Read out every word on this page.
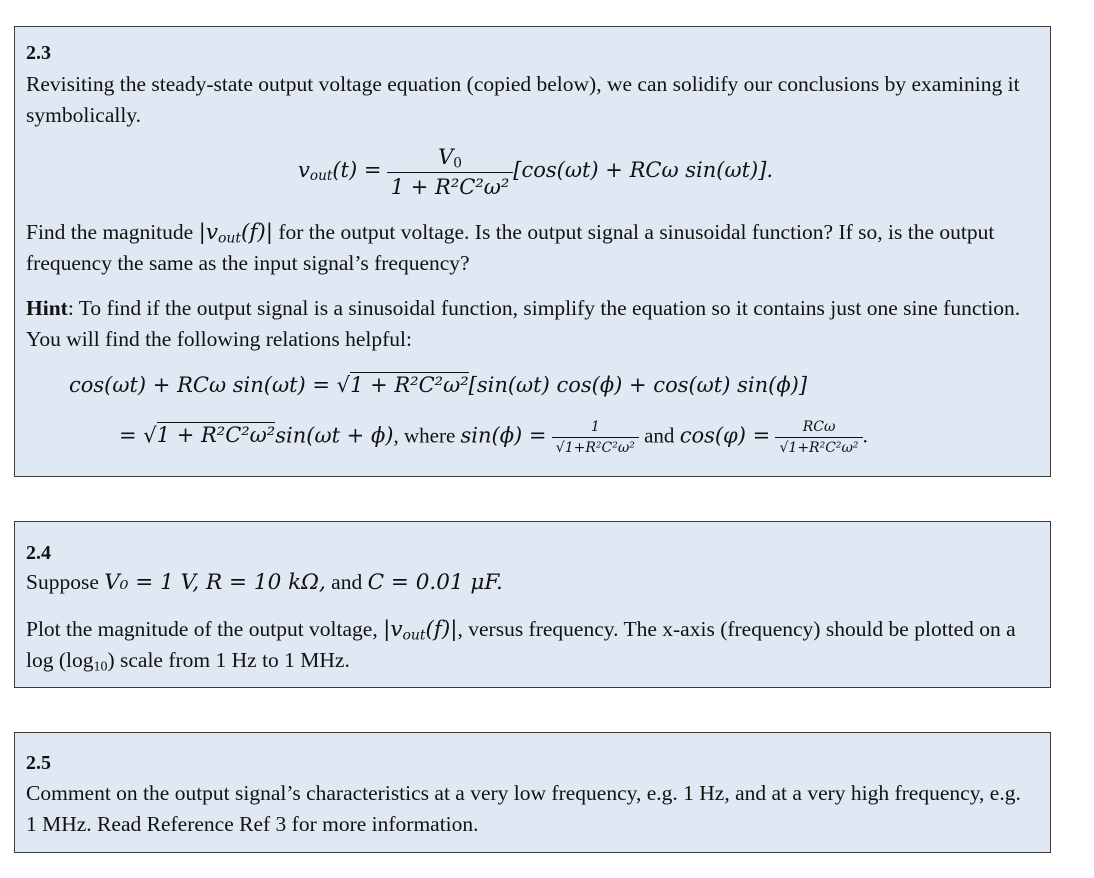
2.3
Revisiting the steady-state output voltage equation (copied below), we can solidify our conclusions by examining it symbolically.
$v_{out}(t) = \frac{V_0}{\text{1 + R²C²ω²}} [\cos(\omega t) + RC\omega$ sin(ωt)].
Find the magnitude $|v_{out}(f)|$ for the output voltage. Is the output signal a sinusoidal function? If so, is the output frequency the same as the input signal’s frequency?
Hint: To find if the output signal is a sinusoidal function, simplify the equation so it contains just one sine function. You will find the following relations helpful:
cos(ωt) + RCω sin(ωt) = √1 + R²C²ω²[sin(ωt) cos(ϕ) + cos(ωt) sin(ϕ)]
= √1 + R²C²ω²sin(ωt + ϕ), where $\sin(\phi) = \frac{1}{\text{√1+R²C²ω²}}$ and $\cos(\varphi) = \frac{\text{RCω}}{\text{√1+R²C²ω²}}$ .
2.4
Suppose V₀ = 1 V, R = 10 kΩ, and C = 0.01 μF.
Plot the magnitude of the output voltage, $|v_{out}(f)|$, versus frequency. The x-axis (frequency) should be plotted on a $\log (\log_{10})$ scale from 1 Hz to 1 MHz.
2.5
Comment on the output signal’s characteristics at a very low frequency, e.g. 1 Hz, and at a very high frequency, e.g. 1 MHz. Read Reference Ref 3 for more information.
